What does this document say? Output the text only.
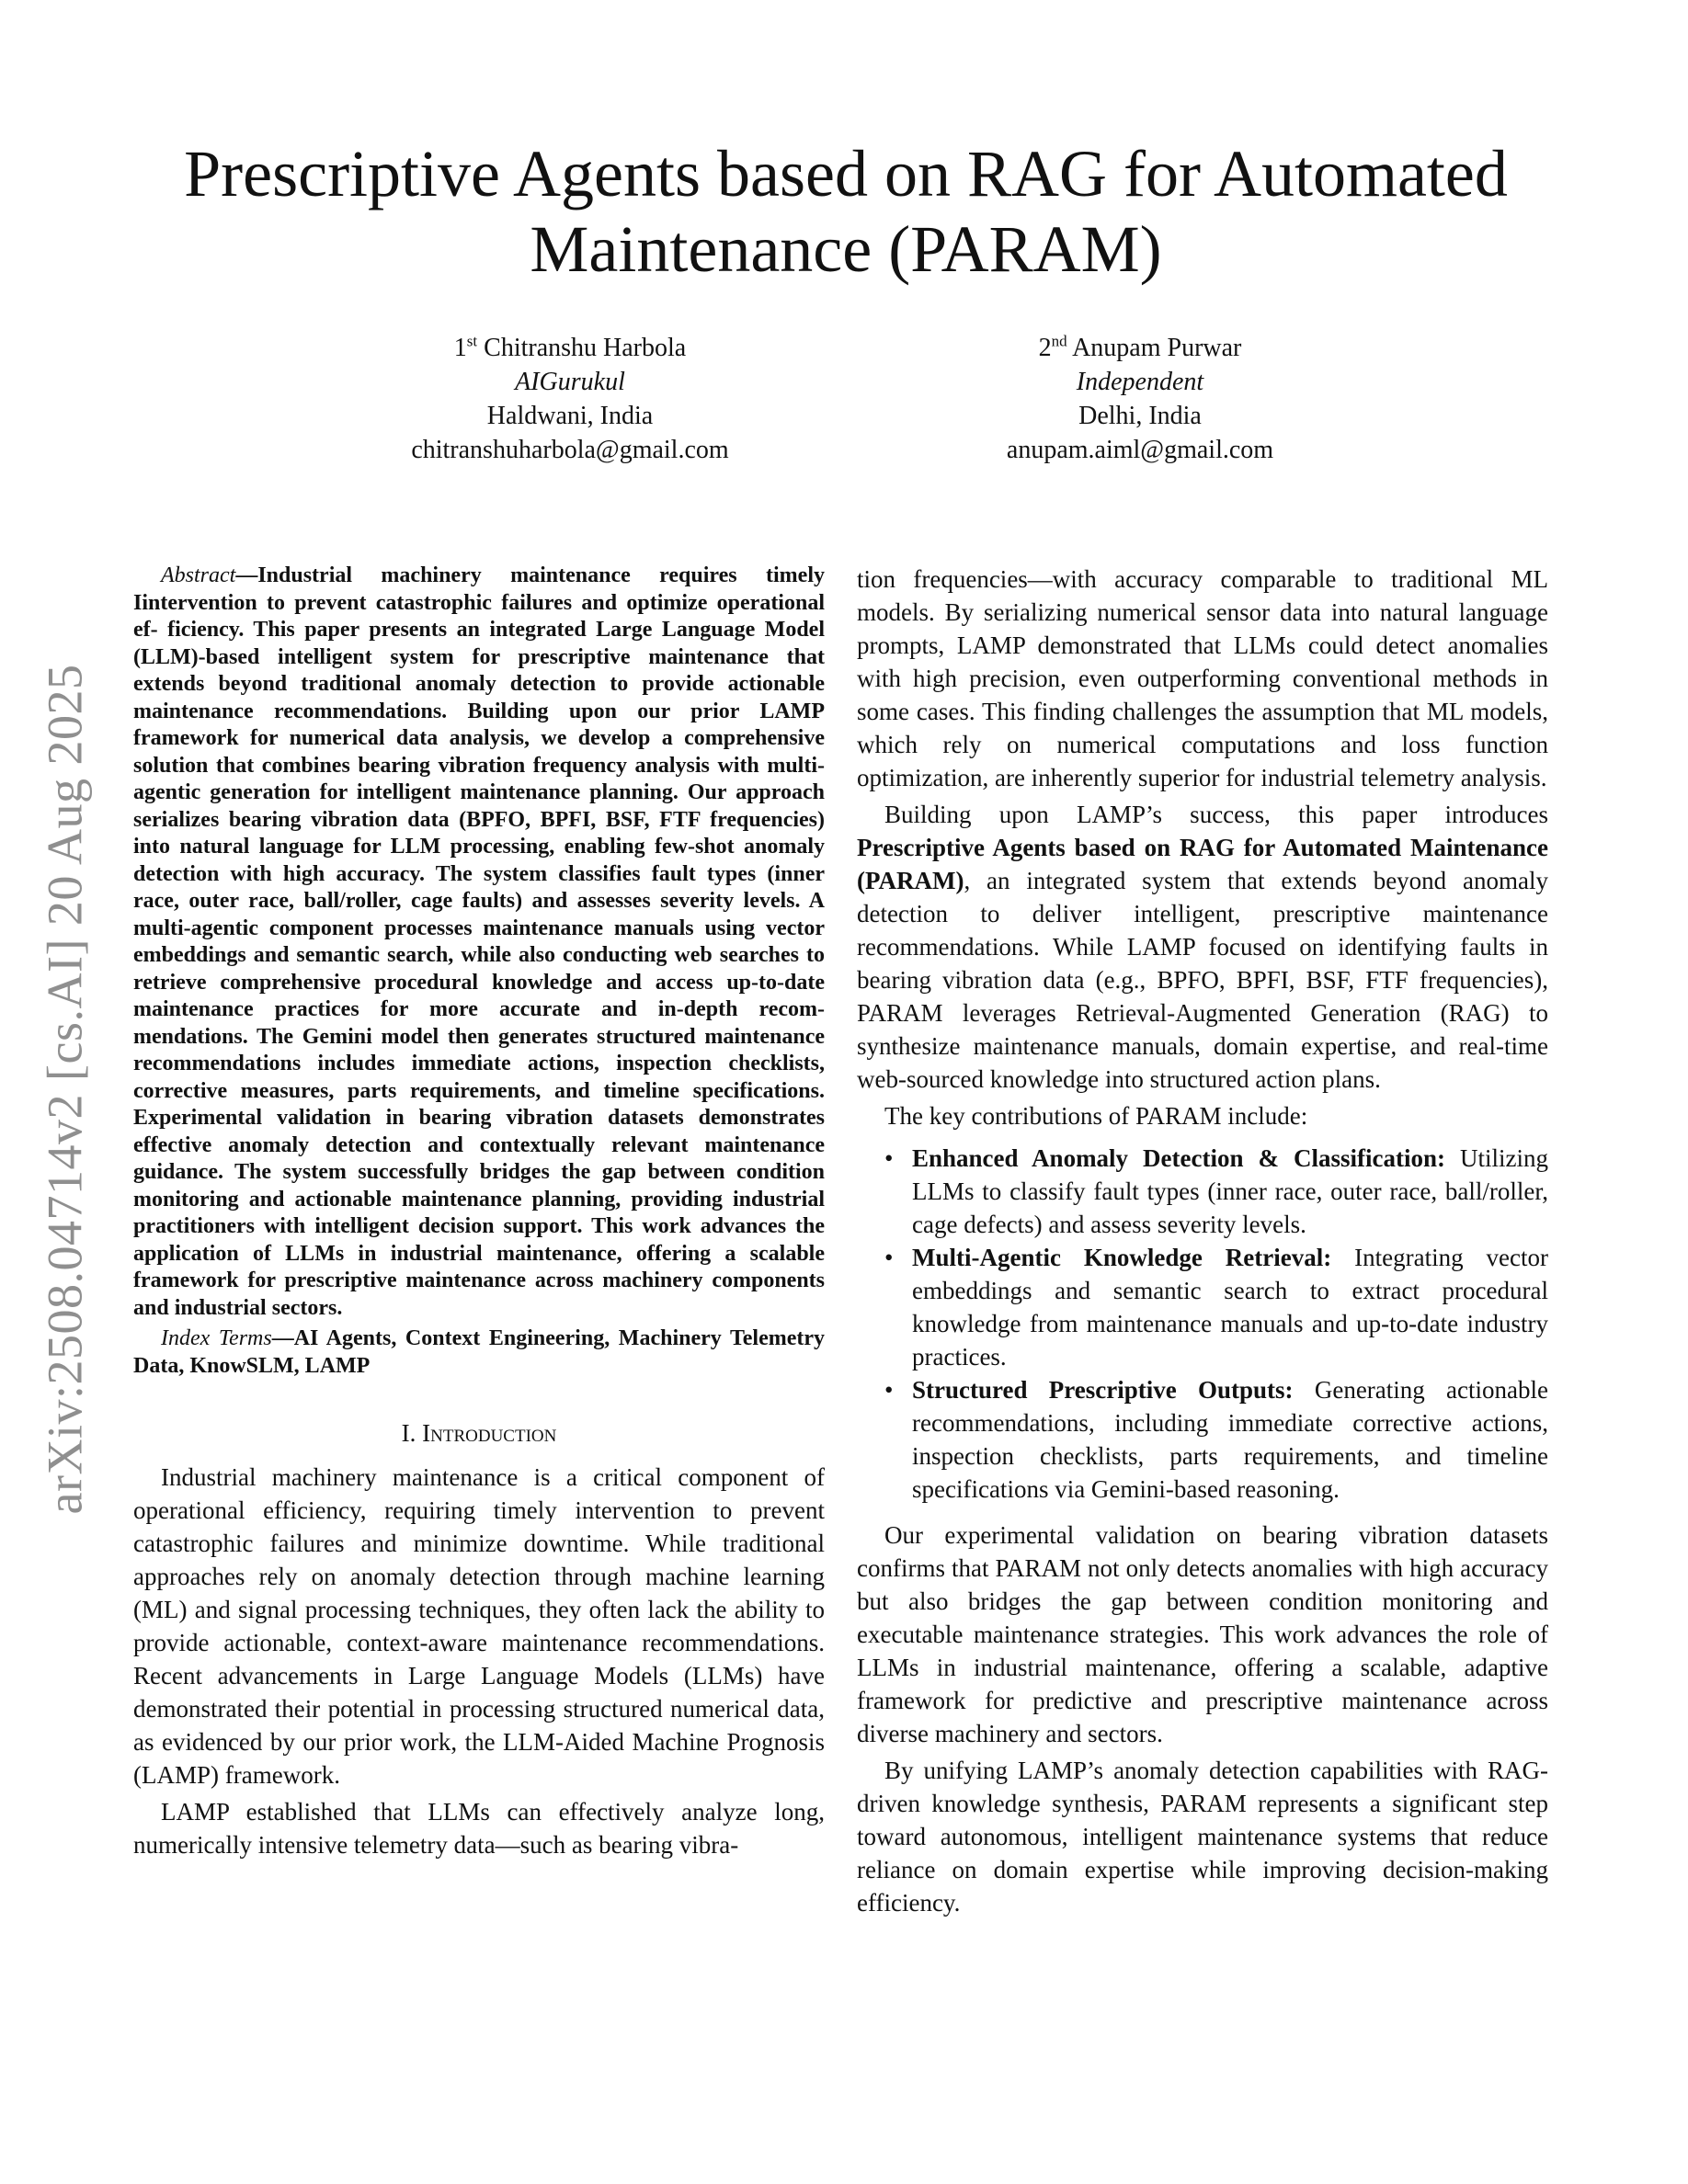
arXiv:2508.04714v2 [cs.AI] 20 Aug 2025
Prescriptive Agents based on RAG for Automated Maintenance (PARAM)
1st Chitranshu Harbola
AIGurukul
Haldwani, India
chitranshuharbola@gmail.com
2nd Anupam Purwar
Independent
Delhi, India
anupam.aiml@gmail.com

Abstract—Industrial machinery maintenance requires timely Iintervention to prevent catastrophic failures and optimize operational ef- ficiency. This paper presents an integrated Large Language Model (LLM)-based intelligent system for prescriptive maintenance that extends beyond traditional anomaly detection to provide actionable maintenance recommendations. Building upon our prior LAMP framework for numerical data analysis, we develop a comprehensive solution that combines bearing vibration frequency analysis with multi-agentic generation for intelligent maintenance planning. Our approach serializes bearing vibration data (BPFO, BPFI, BSF, FTF frequencies) into natural language for LLM processing, enabling few-shot anomaly detection with high accuracy. The system classifies fault types (inner race, outer race, ball/roller, cage faults) and assesses severity levels. A multi-agentic component processes maintenance manuals using vector embeddings and semantic search, while also conducting web searches to retrieve comprehensive procedural knowledge and access up-to-date maintenance practices for more accurate and in-depth recom- mendations. The Gemini model then generates structured maintenance recommendations includes immediate actions, inspection checklists, corrective measures, parts requirements, and timeline specifications. Experimental validation in bearing vibration datasets demonstrates effective anomaly detection and contextually relevant maintenance guidance. The system successfully bridges the gap between condition monitoring and actionable maintenance planning, providing industrial practitioners with intelligent decision support. This work advances the application of LLMs in industrial maintenance, offering a scalable framework for prescriptive maintenance across machinery components and industrial sectors.

Index Terms—AI Agents, Context Engineering, Machinery Telemetry Data, KnowSLM, LAMP

I. Introduction

Industrial machinery maintenance is a critical component of operational efficiency, requiring timely intervention to prevent catastrophic failures and minimize downtime. While traditional approaches rely on anomaly detection through machine learning (ML) and signal processing techniques, they often lack the ability to provide actionable, context-aware maintenance recommendations. Recent advancements in Large Language Models (LLMs) have demonstrated their potential in processing structured numerical data, as evidenced by our prior work, the LLM-Aided Machine Prognosis (LAMP) framework.

LAMP established that LLMs can effectively analyze long, numerically intensive telemetry data—such as bearing vibra-

tion frequencies—with accuracy comparable to traditional ML models. By serializing numerical sensor data into natural language prompts, LAMP demonstrated that LLMs could detect anomalies with high precision, even outperforming conventional methods in some cases. This finding challenges the assumption that ML models, which rely on numerical computations and loss function optimization, are inherently superior for industrial telemetry analysis.

Building upon LAMP’s success, this paper introduces Prescriptive Agents based on RAG for Automated Maintenance (PARAM), an integrated system that extends beyond anomaly detection to deliver intelligent, prescriptive maintenance recommendations. While LAMP focused on identifying faults in bearing vibration data (e.g., BPFO, BPFI, BSF, FTF frequencies), PARAM leverages Retrieval-Augmented Generation (RAG) to synthesize maintenance manuals, domain expertise, and real-time web-sourced knowledge into structured action plans.

The key contributions of PARAM include:

• Enhanced Anomaly Detection & Classification: Utilizing LLMs to classify fault types (inner race, outer race, ball/roller, cage defects) and assess severity levels.
• Multi-Agentic Knowledge Retrieval: Integrating vector embeddings and semantic search to extract procedural knowledge from maintenance manuals and up-to-date industry practices.
• Structured Prescriptive Outputs: Generating actionable recommendations, including immediate corrective actions, inspection checklists, parts requirements, and timeline specifications via Gemini-based reasoning.

Our experimental validation on bearing vibration datasets confirms that PARAM not only detects anomalies with high accuracy but also bridges the gap between condition monitoring and executable maintenance strategies. This work advances the role of LLMs in industrial maintenance, offering a scalable, adaptive framework for predictive and prescriptive maintenance across diverse machinery and sectors.

By unifying LAMP’s anomaly detection capabilities with RAG-driven knowledge synthesis, PARAM represents a significant step toward autonomous, intelligent maintenance systems that reduce reliance on domain expertise while improving decision-making efficiency.
